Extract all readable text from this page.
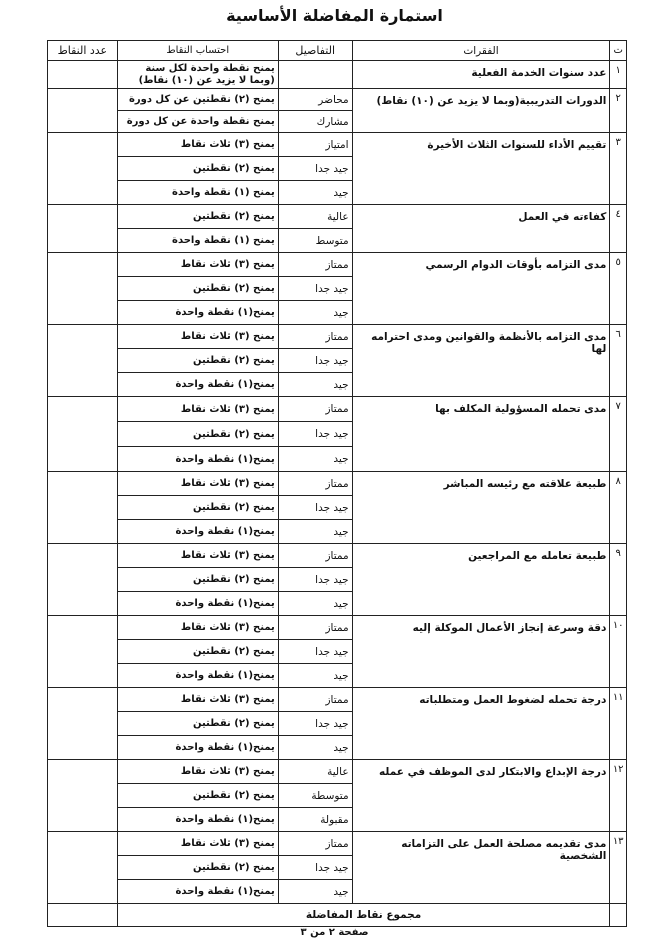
استمارة المفاضلة الأساسية
ت	الفقرات	التفاصيل	احتساب النقاط	عدد النقاط
١	عدد سنوات الخدمة الفعلية		يمنح نقطة واحدة لكل سنة (وبما لا يزيد عن (١٠) نقاط)	
٢	الدورات التدريبية(وبما لا يزيد عن (١٠) نقاط)	محاضر	يمنح (٢) نقطتين عن كل دورة	
		مشارك	يمنح نقطة واحدة عن كل دورة	
٣	تقييم الأداء للسنوات الثلاث الأخيرة	امتياز	يمنح (٣) ثلاث نقاط	
		جيد جدا	يمنح (٢) نقطتين	
		جيد	يمنح (١) نقطة واحدة	
٤	كفاءته في العمل	عالية	يمنح (٢) نقطتين	
		متوسط	يمنح (١) نقطة واحدة	
٥	مدى التزامه بأوقات الدوام الرسمي	ممتاز	يمنح (٣) ثلاث نقاط	
		جيد جدا	يمنح (٢) نقطتين	
		جيد	يمنح(١) نقطة واحدة	
٦	مدى التزامه بالأنظمة والقوانين ومدى احترامه لها	ممتاز	يمنح (٣) ثلاث نقاط	
		جيد جدا	يمنح (٢) نقطتين	
		جيد	يمنح(١) نقطة واحدة	
٧	مدى تحمله المسؤولية المكلف بها	ممتاز	يمنح (٣) ثلاث نقاط	
		جيد جدا	يمنح (٢) نقطتين	
		جيد	يمنح(١) نقطة واحدة	
٨	طبيعة علاقته مع رئيسه المباشر	ممتاز	يمنح (٣) ثلاث نقاط	
		جيد جدا	يمنح (٢) نقطتين	
		جيد	يمنح(١) نقطة واحدة	
٩	طبيعة تعامله مع المراجعين	ممتاز	يمنح (٣) ثلاث نقاط	
		جيد جدا	يمنح (٢) نقطتين	
		جيد	يمنح(١) نقطة واحدة	
١٠	دقة وسرعة إنجاز الأعمال الموكلة إليه	ممتاز	يمنح (٣) ثلاث نقاط	
		جيد جدا	يمنح (٢) نقطتين	
		جيد	يمنح(١) نقطة واحدة	
١١	درجة تحمله لضغوط العمل ومتطلباته	ممتاز	يمنح (٣) ثلاث نقاط	
		جيد جدا	يمنح (٢) نقطتين	
		جيد	يمنح(١) نقطة واحدة	
١٢	درجة الإبداع والابتكار لدى الموظف في عمله	عالية	يمنح (٣) ثلاث نقاط	
		متوسطة	يمنح (٢) نقطتين	
		مقبولة	يمنح(١) نقطة واحدة	
١٣	مدى تقديمه مصلحة العمل على التزاماته الشخصية	ممتاز	يمنح (٣) ثلاث نقاط	
		جيد جدا	يمنح (٢) نقطتين	
		جيد	يمنح(١) نقطة واحدة	
	مجموع نقاط المفاضلة			
صفحة ٢ من ٣
